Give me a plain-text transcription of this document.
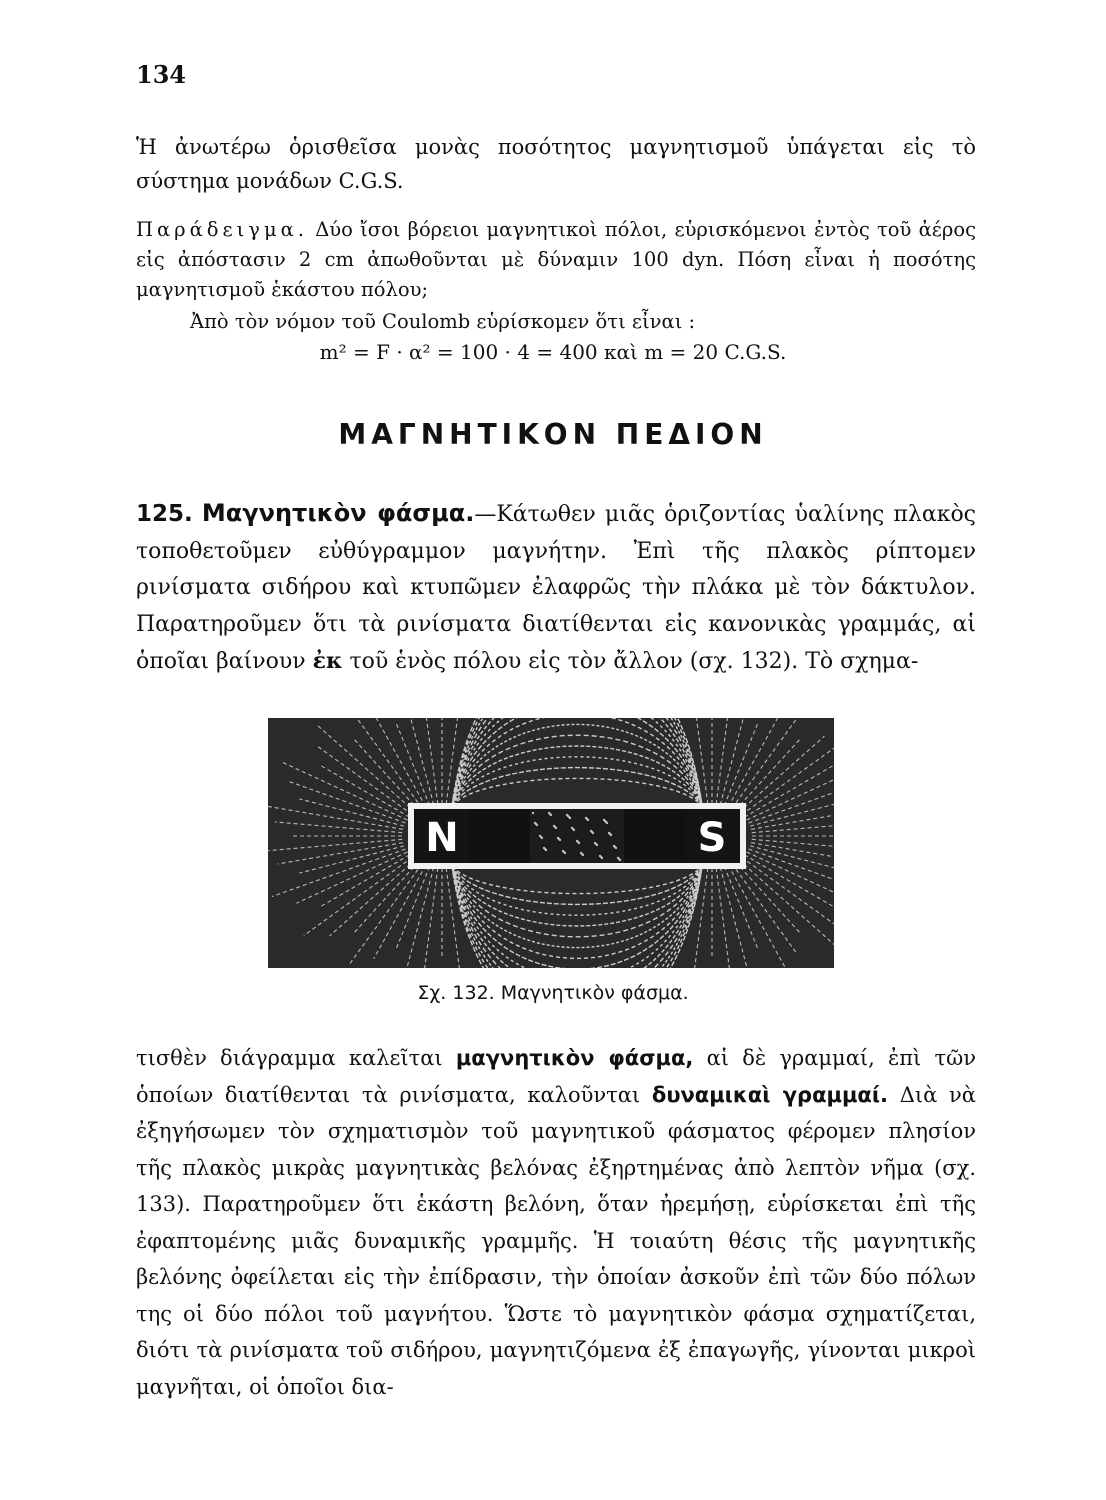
134

Ἡ ἀνωτέρω ὁρισθεῖσα μονὰς ποσότητος μαγνητισμοῦ ὑπάγεται εἰς τὸ σύστημα μονάδων C.G.S.

Παράδειγμα. Δύο ἴσοι βόρειοι μαγνητικοὶ πόλοι, εὑρισκόμενοι ἐντὸς τοῦ ἀέρος εἰς ἀπόστασιν 2 cm ἀπωθοῦνται μὲ δύναμιν 100 dyn. Πόση εἶναι ἡ ποσότης μαγνητισμοῦ ἑκάστου πόλου;

Ἀπὸ τὸν νόμον τοῦ Coulomb εὑρίσκομεν ὅτι εἶναι :

m² = F · α² = 100 · 4 = 400 καὶ m = 20 C.G.S.
ΜΑΓΝΗΤΙΚΟΝ ΠΕΔΙΟΝ

125. Μαγνητικὸν φάσμα.—Κάτωθεν μιᾶς ὁριζοντίας ὑαλίνης πλακὸς τοποθετοῦμεν εὐθύγραμμον μαγνήτην. Ἐπὶ τῆς πλακὸς ρίπτομεν ρινίσματα σιδήρου καὶ κτυπῶμεν ἐλαφρῶς τὴν πλάκα μὲ τὸν δάκτυλον. Παρατηροῦμεν ὅτι τὰ ρινίσματα διατίθενται εἰς κανονικὰς γραμμάς, αἱ ὁποῖαι βαίνουν ἐκ τοῦ ἑνὸς πόλου εἰς τὸν ἄλλον (σχ. 132). Τὸ σχημα-

N	S
Σχ. 132. Μαγνητικὸν φάσμα.

τισθὲν διάγραμμα καλεῖται μαγνητικὸν φάσμα, αἱ δὲ γραμμαί, ἐπὶ τῶν ὁποίων διατίθενται τὰ ρινίσματα, καλοῦνται δυναμικαὶ γραμμαί. Διὰ νὰ ἐξηγήσωμεν τὸν σχηματισμὸν τοῦ μαγνητικοῦ φάσματος φέρομεν πλησίον τῆς πλακὸς μικρὰς μαγνητικὰς βελόνας ἐξηρτημένας ἀπὸ λεπτὸν νῆμα (σχ. 133). Παρατηροῦμεν ὅτι ἑκάστη βελόνη, ὅταν ἠρεμήσῃ, εὑρίσκεται ἐπὶ τῆς ἐφαπτομένης μιᾶς δυναμικῆς γραμμῆς. Ἡ τοιαύτη θέσις τῆς μαγνητικῆς βελόνης ὀφείλεται εἰς τὴν ἐπίδρασιν, τὴν ὁποίαν ἀσκοῦν ἐπὶ τῶν δύο πόλων της οἱ δύο πόλοι τοῦ μαγνήτου. Ὥστε τὸ μαγνητικὸν φάσμα σχηματίζεται, διότι τὰ ρινίσματα τοῦ σιδήρου, μαγνητιζόμενα ἐξ ἐπαγωγῆς, γίνονται μικροὶ μαγνῆται, οἱ ὁποῖοι δια-
